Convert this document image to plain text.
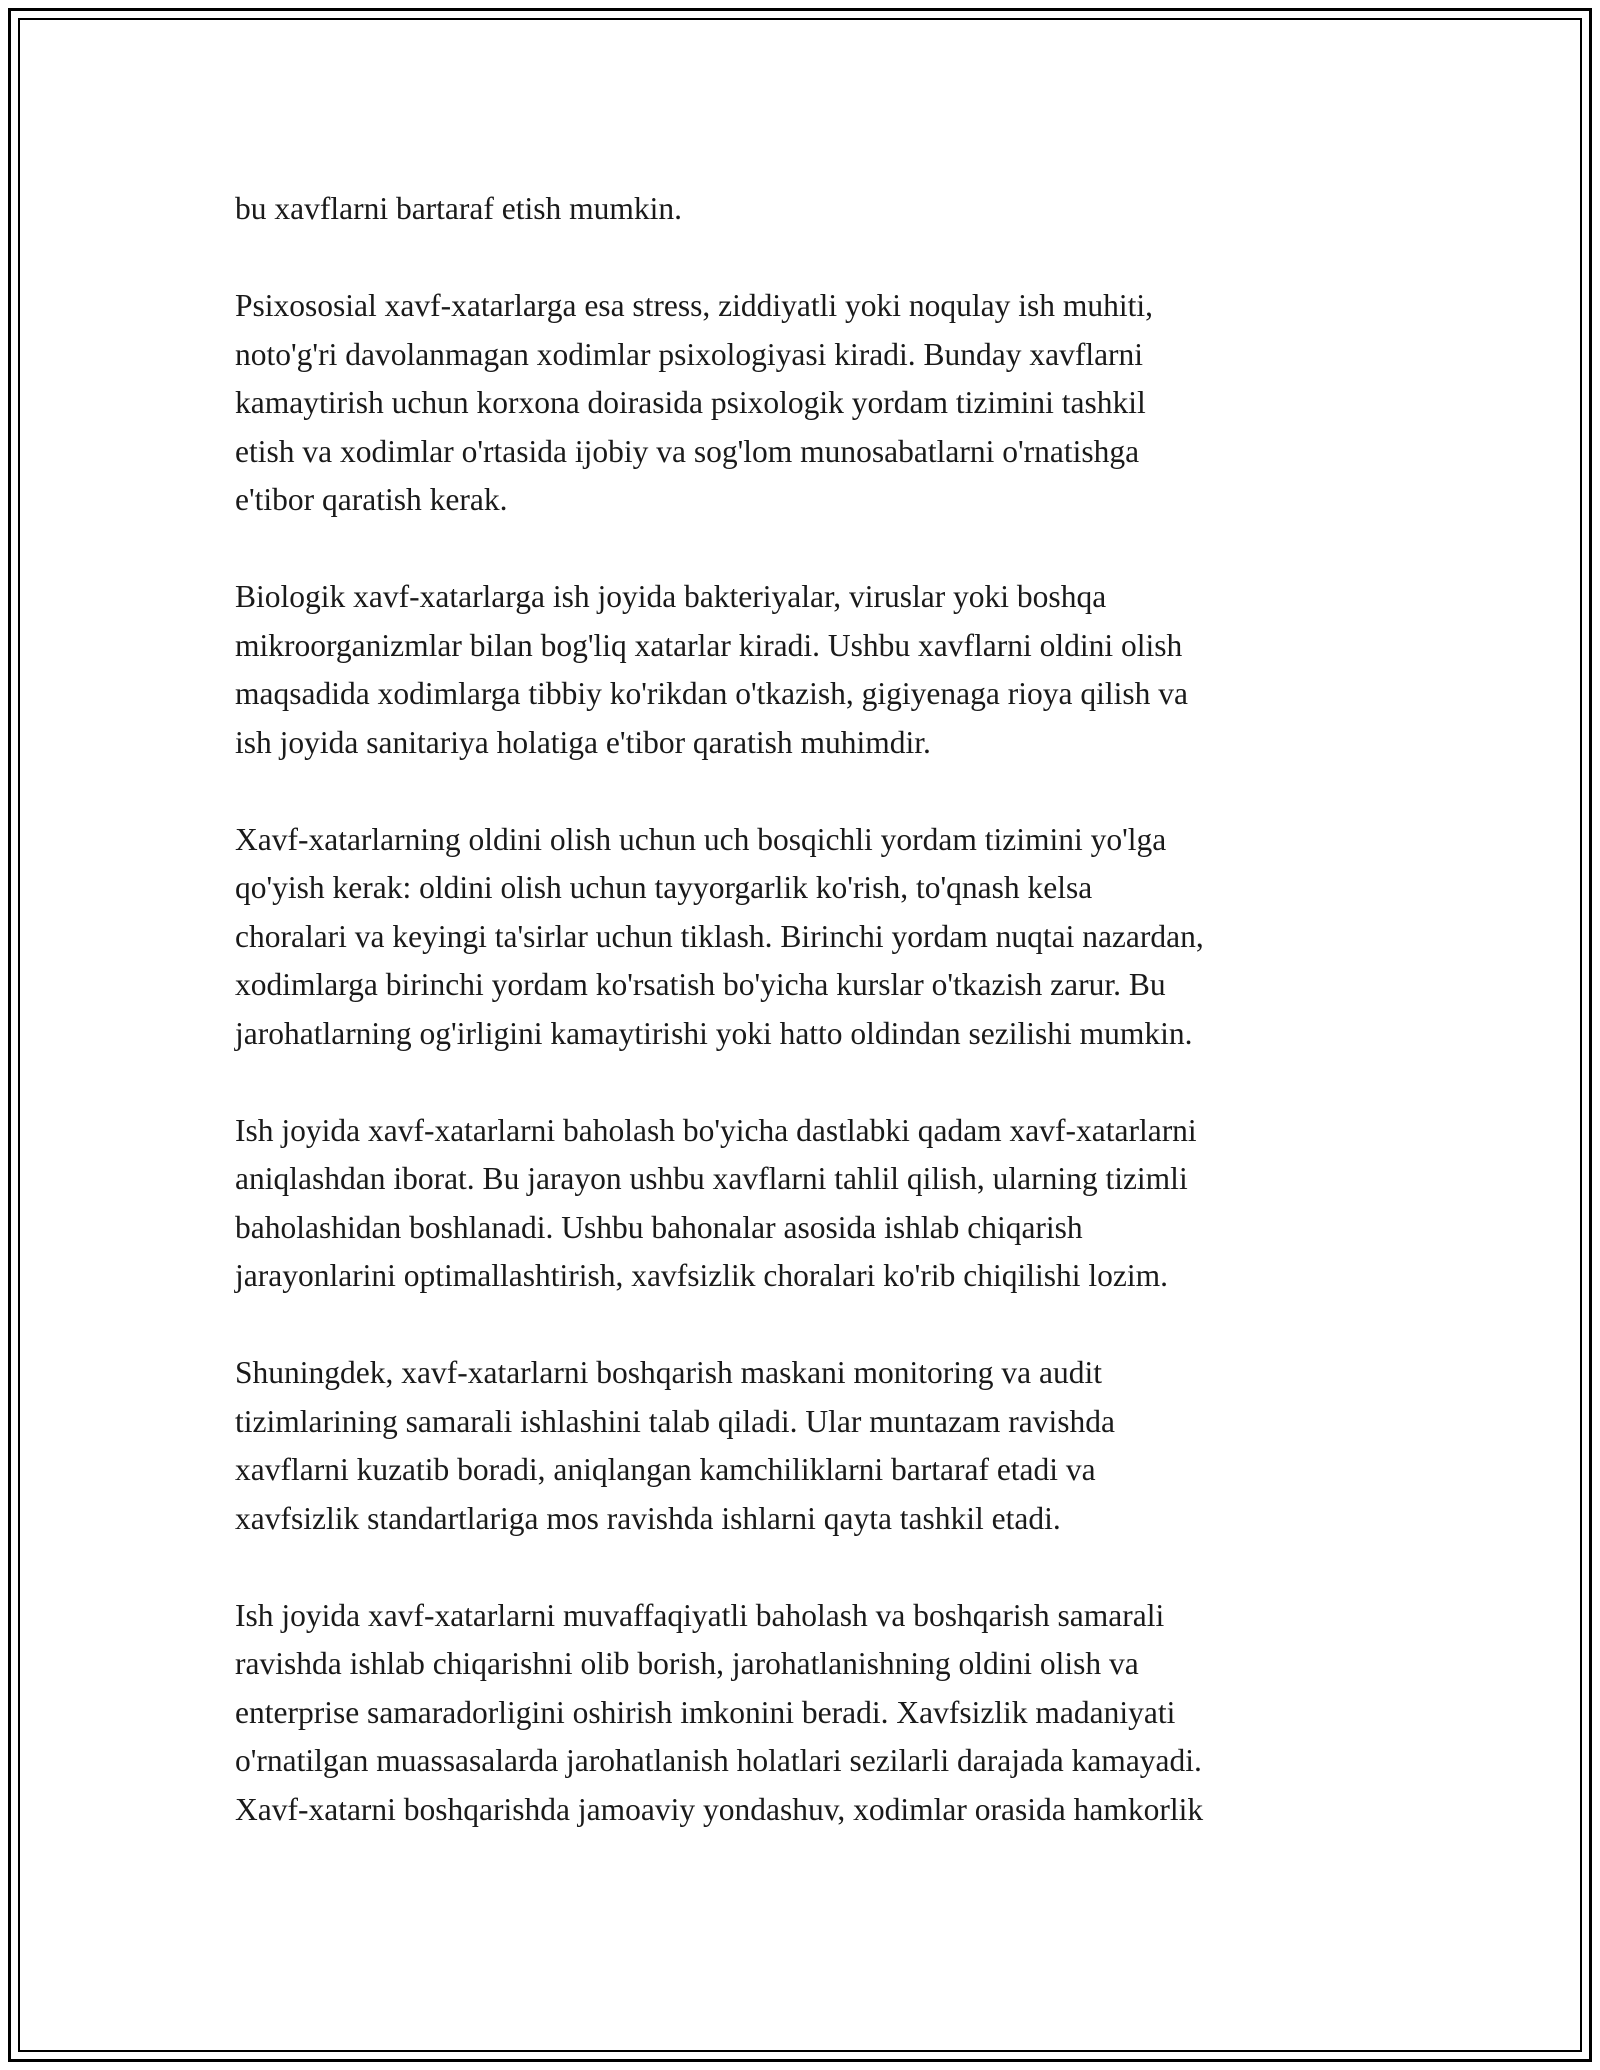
bu xavflarni bartaraf etish mumkin.

Psixososial xavf-xatarlarga esa stress, ziddiyatli yoki noqulay ish muhiti,
noto'g'ri davolanmagan xodimlar psixologiyasi kiradi. Bunday xavflarni
kamaytirish uchun korxona doirasida psixologik yordam tizimini tashkil
etish va xodimlar o'rtasida ijobiy va sog'lom munosabatlarni o'rnatishga
e'tibor qaratish kerak.

Biologik xavf-xatarlarga ish joyida bakteriyalar, viruslar yoki boshqa
mikroorganizmlar bilan bog'liq xatarlar kiradi. Ushbu xavflarni oldini olish
maqsadida xodimlarga tibbiy ko'rikdan o'tkazish, gigiyenaga rioya qilish va
ish joyida sanitariya holatiga e'tibor qaratish muhimdir.

Xavf-xatarlarning oldini olish uchun uch bosqichli yordam tizimini yo'lga
qo'yish kerak: oldini olish uchun tayyorgarlik ko'rish, to'qnash kelsa
choralari va keyingi ta'sirlar uchun tiklash. Birinchi yordam nuqtai nazardan,
xodimlarga birinchi yordam ko'rsatish bo'yicha kurslar o'tkazish zarur. Bu
jarohatlarning og'irligini kamaytirishi yoki hatto oldindan sezilishi mumkin.

Ish joyida xavf-xatarlarni baholash bo'yicha dastlabki qadam xavf-xatarlarni
aniqlashdan iborat. Bu jarayon ushbu xavflarni tahlil qilish, ularning tizimli
baholashidan boshlanadi. Ushbu bahonalar asosida ishlab chiqarish
jarayonlarini optimallashtirish, xavfsizlik choralari ko'rib chiqilishi lozim.

Shuningdek, xavf-xatarlarni boshqarish maskani monitoring va audit
tizimlarining samarali ishlashini talab qiladi. Ular muntazam ravishda
xavflarni kuzatib boradi, aniqlangan kamchiliklarni bartaraf etadi va
xavfsizlik standartlariga mos ravishda ishlarni qayta tashkil etadi.

Ish joyida xavf-xatarlarni muvaffaqiyatli baholash va boshqarish samarali
ravishda ishlab chiqarishni olib borish, jarohatlanishning oldini olish va
enterprise samaradorligini oshirish imkonini beradi. Xavfsizlik madaniyati
o'rnatilgan muassasalarda jarohatlanish holatlari sezilarli darajada kamayadi.
Xavf-xatarni boshqarishda jamoaviy yondashuv, xodimlar orasida hamkorlik
